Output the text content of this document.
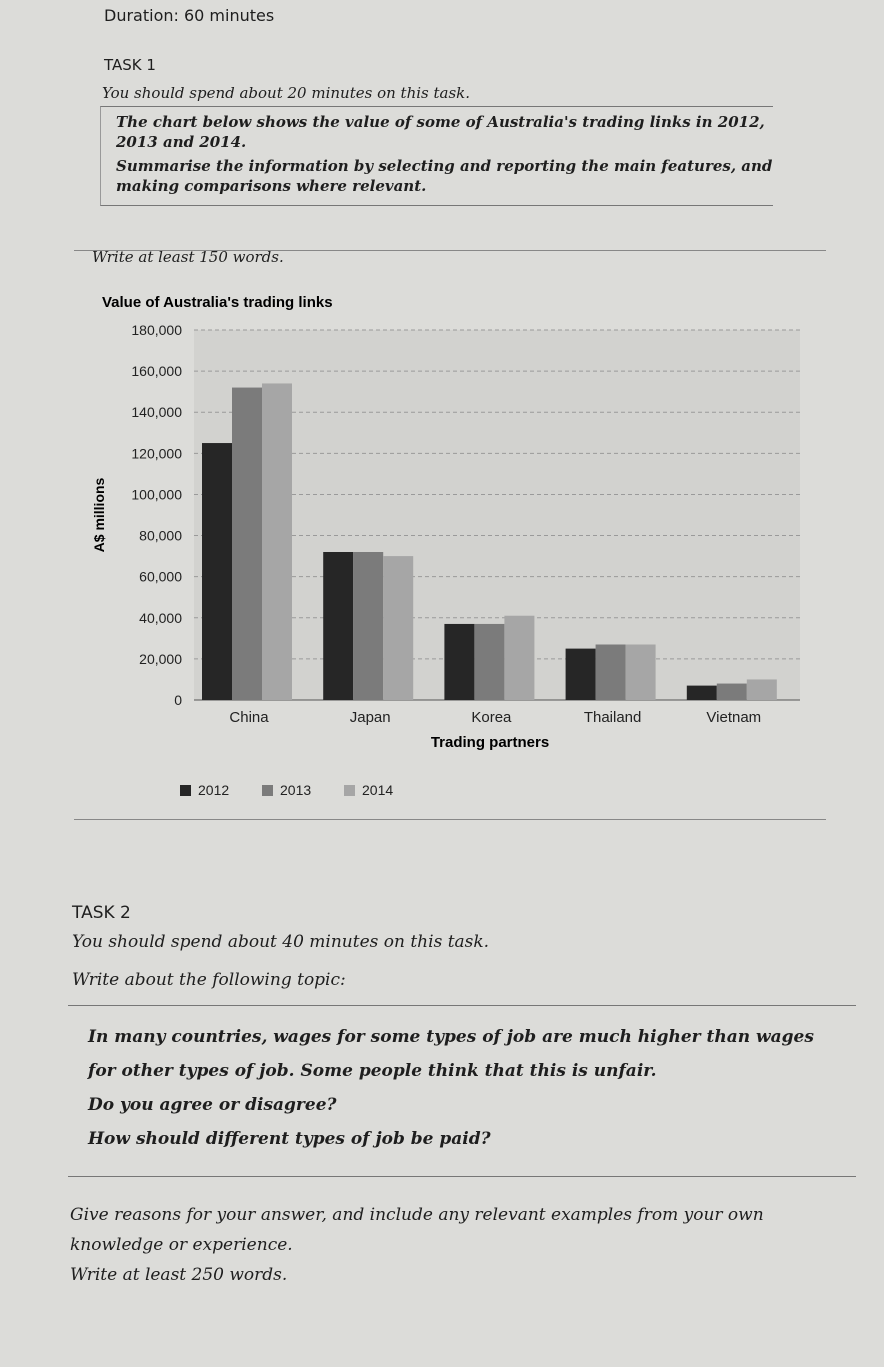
Duration: 60 minutes
TASK 1
You should spend about 20 minutes on this task.

The chart below shows the value of some of Australia's trading links in 2012, 2013 and 2014.

Summarise the information by selecting and reporting the main features, and making comparisons where relevant.

Write at least 150 words.
0
20,000
40,000
60,000
80,000
100,000
120,000
140,000
160,000
180,000
China	Japan	Korea	Thailand	Vietnam
Value of Australia's trading links
A$ millions
Trading partners
2012	2013	2014
TASK 2
You should spend about 40 minutes on this task.
Write about the following topic:
In many countries, wages for some types of job are much higher than wages
for other types of job. Some people think that this is unfair.
Do you agree or disagree?
How should different types of job be paid?
Give reasons for your answer, and include any relevant examples from your own
knowledge or experience.
Write at least 250 words.
